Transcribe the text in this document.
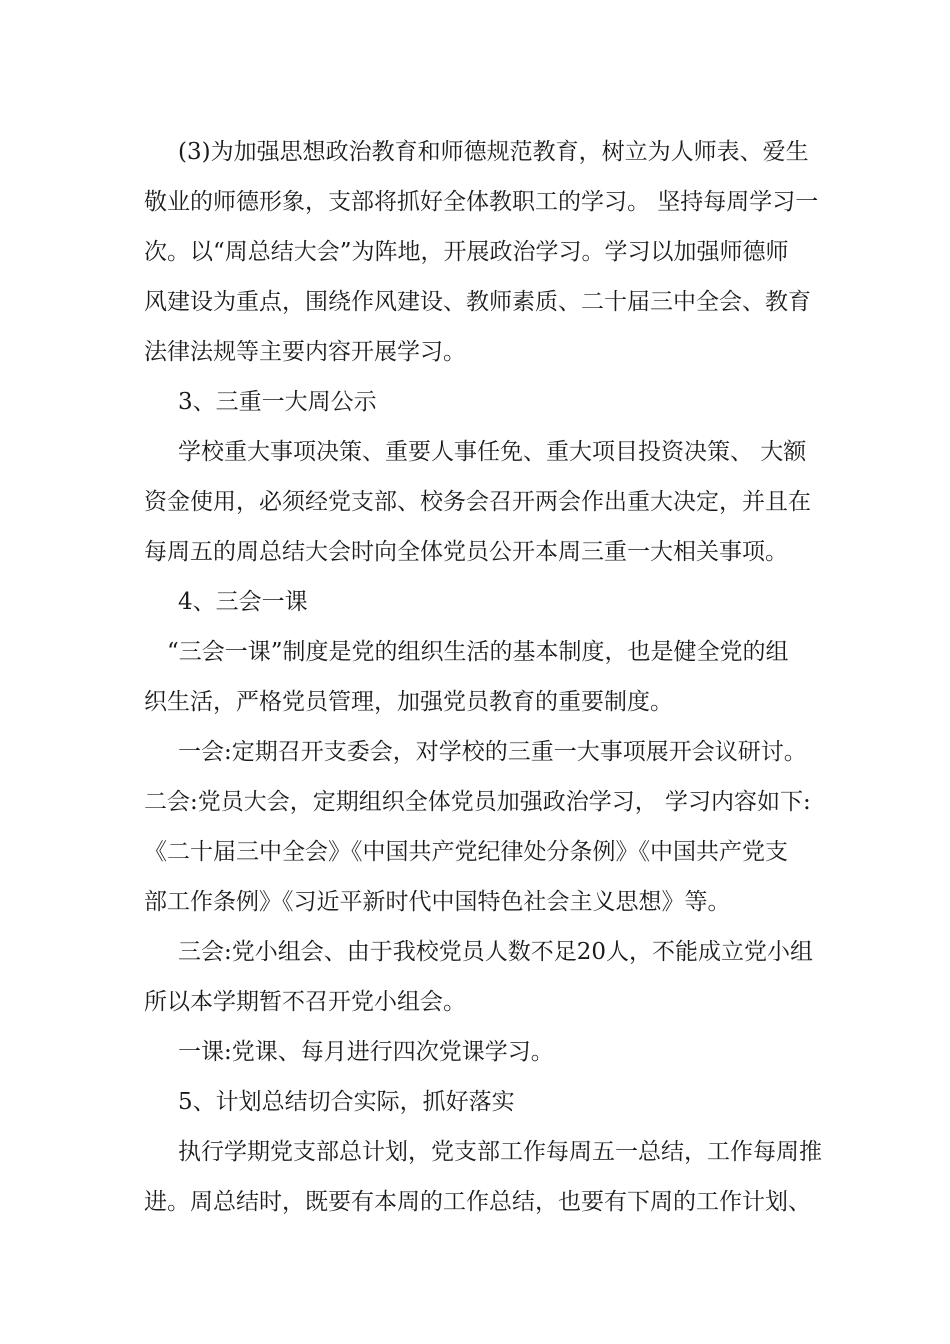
(3)为加强思想政治教育和师德规范教育，树立为人师表、爱生
敬业的师德形象，支部将抓好全体教职工的学习。 坚持每周学习一
次。以“周总结大会”为阵地，开展政治学习。学习以加强师德师
风建设为重点，围绕作风建设、教师素质、二十届三中全会、教育
法律法规等主要内容开展学习。
3、三重一大周公示
学校重大事项决策、重要人事任免、重大项目投资决策、 大额
资金使用，必须经党支部、校务会召开两会作出重大决定，并且在
每周五的周总结大会时向全体党员公开本周三重一大相关事项。
4、三会一课
“三会一课”制度是党的组织生活的基本制度，也是健全党的组
织生活，严格党员管理，加强党员教育的重要制度。
一会:定期召开支委会，对学校的三重一大事项展开会议研讨。
二会:党员大会，定期组织全体党员加强政治学习， 学习内容如下:
《二十届三中全会》《中国共产党纪律处分条例》《中国共产党支
部工作条例》《习近平新时代中国特色社会主义思想》等。
三会:党小组会、由于我校党员人数不足20人，不能成立党小组
所以本学期暂不召开党小组会。
一课:党课、每月进行四次党课学习。
5、计划总结切合实际，抓好落实
执行学期党支部总计划，党支部工作每周五一总结，工作每周推
进。周总结时，既要有本周的工作总结，也要有下周的工作计划、
